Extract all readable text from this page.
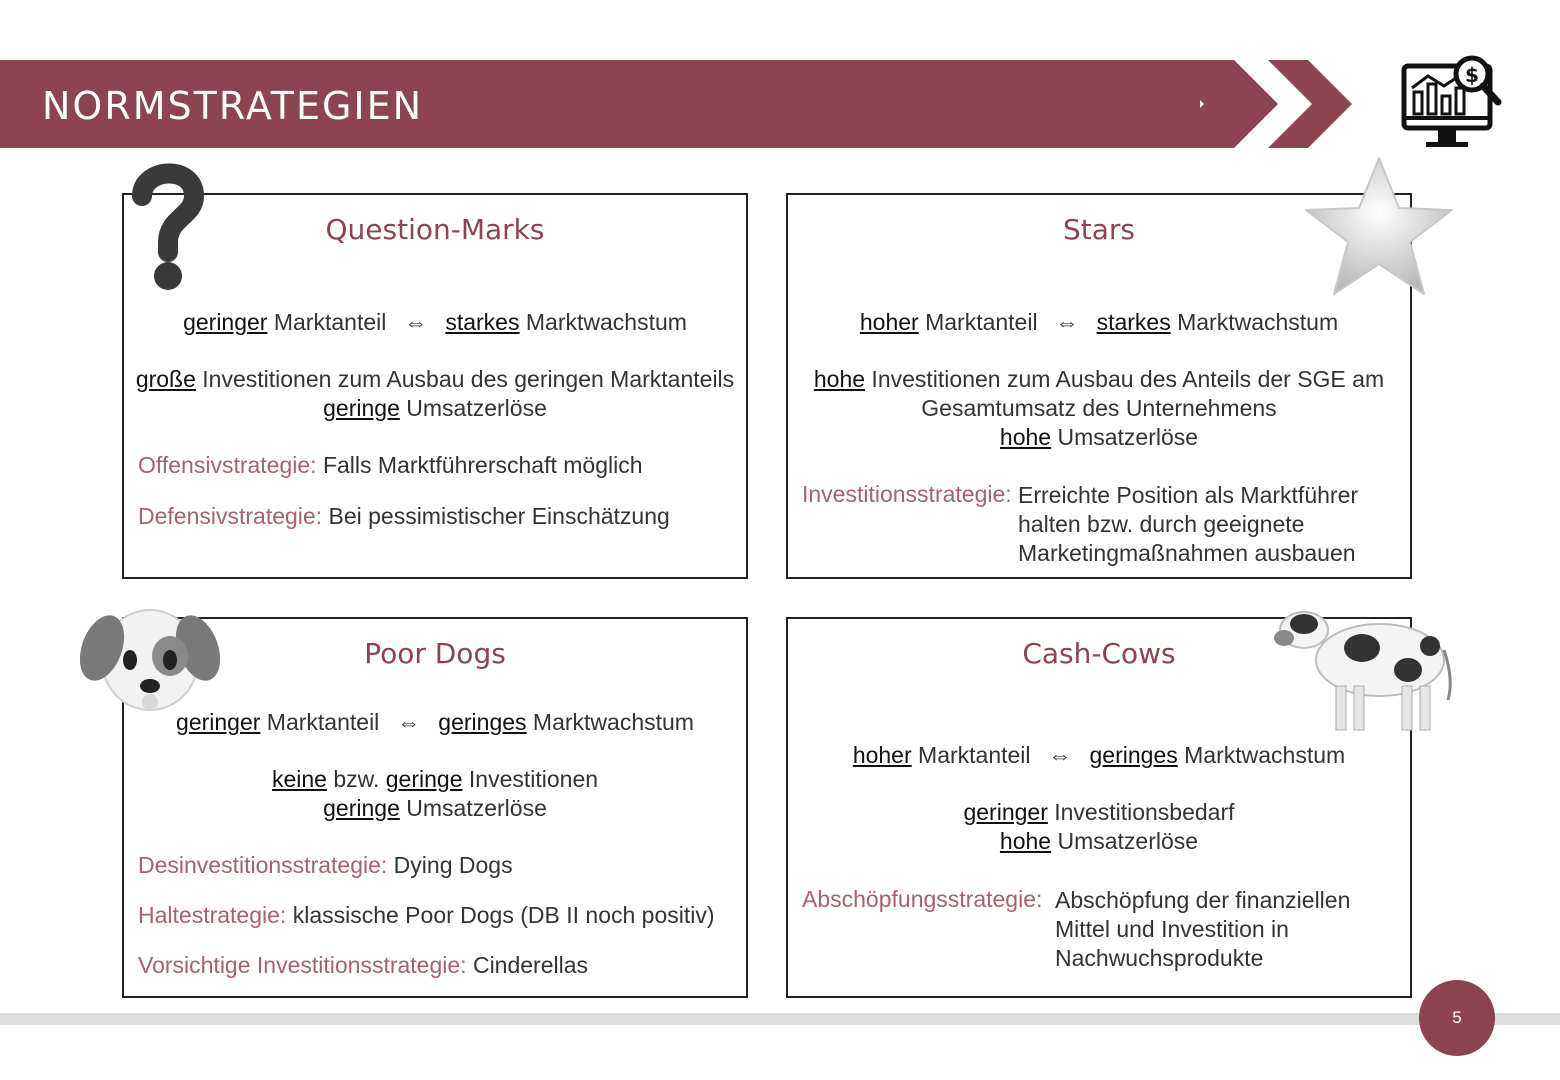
NORMSTRATEGIEN
$
Question-Marks
geringer Marktanteil ⇔ starkes Marktwachstum
große Investitionen zum Ausbau des geringen Marktanteils
geringe Umsatzerlöse
Offensivstrategie: Falls Marktführerschaft möglich
Defensivstrategie: Bei pessimistischer Einschätzung
Stars
hoher Marktanteil ⇔ starkes Marktwachstum
hohe Investitionen zum Ausbau des Anteils der SGE am
Gesamtumsatz des Unternehmens
hohe Umsatzerlöse
Investitionsstrategie: Erreichte Position als Marktführer
halten bzw. durch geeignete
Marketingmaßnahmen ausbauen
Poor Dogs
geringer Marktanteil ⇔ geringes Marktwachstum
keine bzw. geringe Investitionen
geringe Umsatzerlöse
Desinvestitionsstrategie: Dying Dogs
Haltestrategie: klassische Poor Dogs (DB II noch positiv)
Vorsichtige Investitionsstrategie: Cinderellas
Cash-Cows
hoher Marktanteil ⇔ geringes Marktwachstum
geringer Investitionsbedarf
hohe Umsatzerlöse
Abschöpfungsstrategie: Abschöpfung der finanziellen
Mittel und Investition in
Nachwuchsprodukte
5
